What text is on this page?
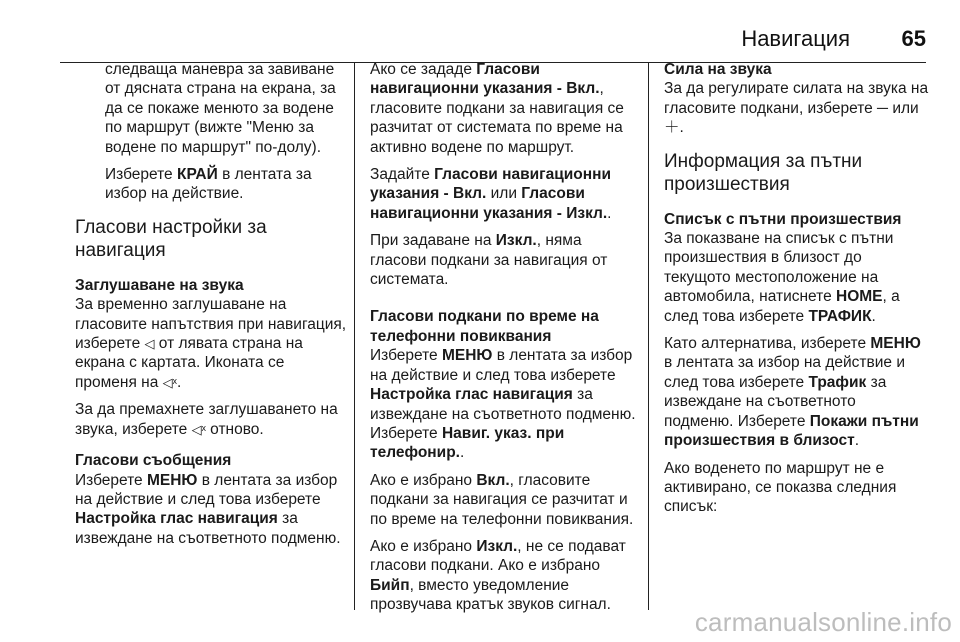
Навигация 65

следваща маневра за завиване от дясната страна на екрана, за да се покаже менюто за водене по маршрут (вижте "Меню за водене по маршрут" по-долу).

Изберете КРАЙ в лентата за избор на действие.

Гласови настройки за навигация
Заглушаване на звука

За временно заглушаване на гласовите напътствия при навигация, изберете ◁ от лявата страна на екрана с картата. Иконата се променя на ◁ˣ.

За да премахнете заглушаването на звука, изберете ◁ˣ отново.

Гласови съобщения

Изберете МЕНЮ в лентата за избор на действие и след това изберете Настройка глас навигация за извеждане на съответното подменю.

Ако се зададе Гласови навигационни указания - Вкл., гласовите подкани за навигация се разчитат от системата по време на активно водене по маршрут.

Задайте Гласови навигационни указания - Вкл. или Гласови навигационни указания - Изкл..

При задаване на Изкл., няма гласови подкани за навигация от системата.

Гласови подкани по време на телефонни повиквания

Изберете МЕНЮ в лентата за избор на действие и след това изберете Настройка глас навигация за извеждане на съответното подменю. Изберете Навиг. указ. при телефонир..

Ако е избрано Вкл., гласовите подкани за навигация се разчитат и по време на телефонни повиквания.

Ако е избрано Изкл., не се подават гласови подкани. Ако е избрано Бийп, вместо уведомление прозвучава кратък звуков сигнал.

Сила на звука

За да регулирате силата на звука на гласовите подкани, изберете ─ или ＋.

Информация за пътни произшествия
Списък с пътни произшествия

За показване на списък с пътни произшествия в близост до текущото местоположение на автомобила, натиснете HOME, а след това изберете ТРАФИК.

Като алтернатива, изберете МЕНЮ в лентата за избор на действие и след това изберете Трафик за извеждане на съответното подменю. Изберете Покажи пътни произшествия в близост.

Ако воденето по маршрут не е активирано, се показва следния списък:

carmanualsonline.info
